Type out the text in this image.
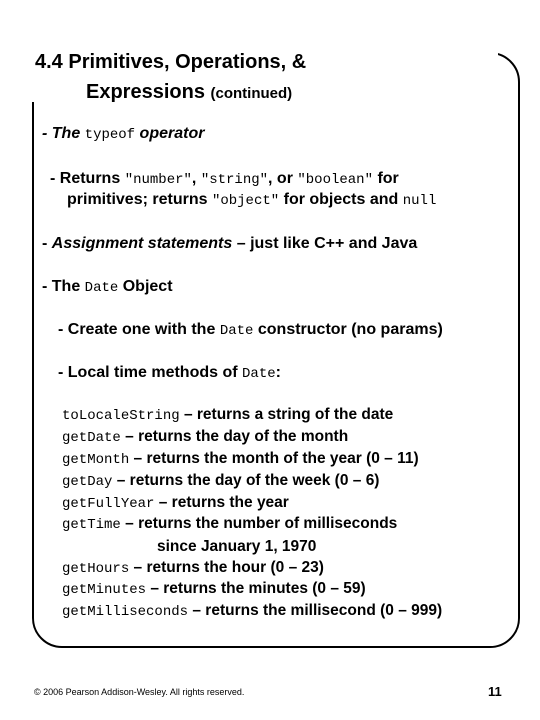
4.4 Primitives, Operations, &
Expressions (continued)
- The typeof operator
- Returns "number", "string", or "boolean" for
primitives; returns "object" for objects and null
- Assignment statements – just like C++ and Java
- The Date Object
- Create one with the Date constructor (no params)
- Local time methods of Date:
toLocaleString – returns a string of the date
getDate – returns the day of the month
getMonth – returns the month of the year (0 – 11)
getDay – returns the day of the week (0 – 6)
getFullYear – returns the year
getTime – returns the number of milliseconds
since January 1, 1970
getHours – returns the hour (0 – 23)
getMinutes – returns the minutes (0 – 59)
getMilliseconds – returns the millisecond (0 – 999)
© 2006 Pearson Addison-Wesley. All rights reserved.	11
